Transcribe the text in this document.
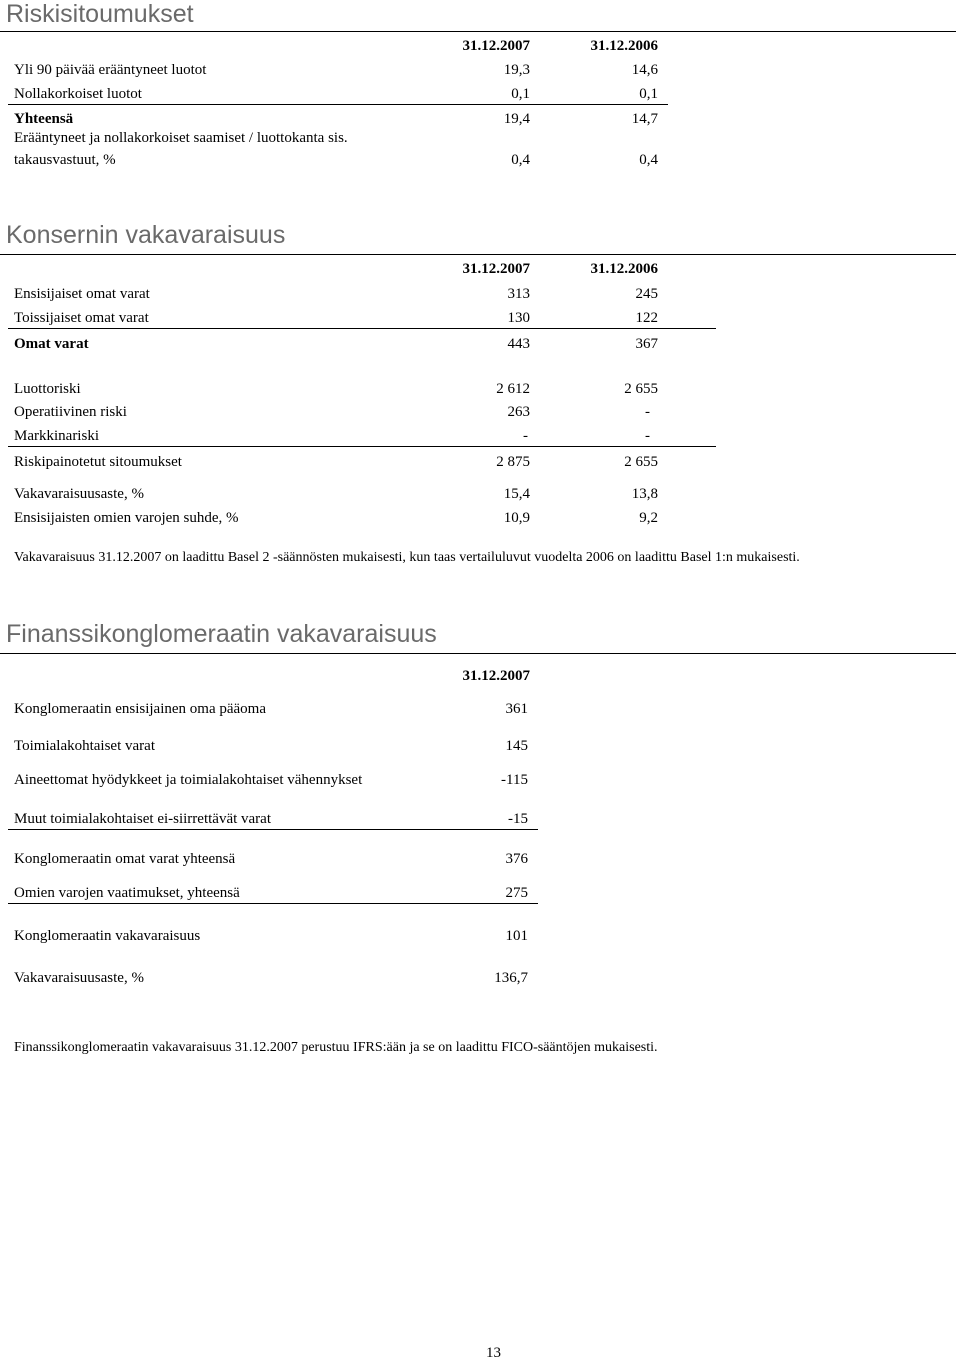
Riskisitoumukset
31.12.2007	31.12.2006
Yli 90 päivää erääntyneet luotot	19,3	14,6
Nollakorkoiset luotot	0,1	0,1
Yhteensä	19,4	14,7
Erääntyneet ja nollakorkoiset saamiset / luottokanta sis.
takausvastuut, %	0,4	0,4
Konsernin vakavaraisuus
31.12.2007	31.12.2006
Ensisijaiset omat varat	313	245
Toissijaiset omat varat	130	122
Omat varat	443	367
Luottoriski	2 612	2 655
Operatiivinen riski	263	-
Markkinariski	-	-
Riskipainotetut sitoumukset	2 875	2 655
Vakavaraisuusaste, %	15,4	13,8
Ensisijaisten omien varojen suhde, %	10,9	9,2
Vakavaraisuus 31.12.2007 on laadittu Basel 2 -säännösten mukaisesti, kun taas vertailuluvut vuodelta 2006 on laadittu Basel 1:n mukaisesti.
Finanssikonglomeraatin vakavaraisuus
31.12.2007
Konglomeraatin ensisijainen oma pääoma	361
Toimialakohtaiset varat	145
Aineettomat hyödykkeet ja toimialakohtaiset vähennykset	-115
Muut toimialakohtaiset ei-siirrettävät varat	-15
Konglomeraatin omat varat yhteensä	376
Omien varojen vaatimukset, yhteensä	275
Konglomeraatin vakavaraisuus	101
Vakavaraisuusaste, %	136,7
Finanssikonglomeraatin vakavaraisuus 31.12.2007 perustuu IFRS:ään ja se on laadittu FICO-sääntöjen mukaisesti.
13
